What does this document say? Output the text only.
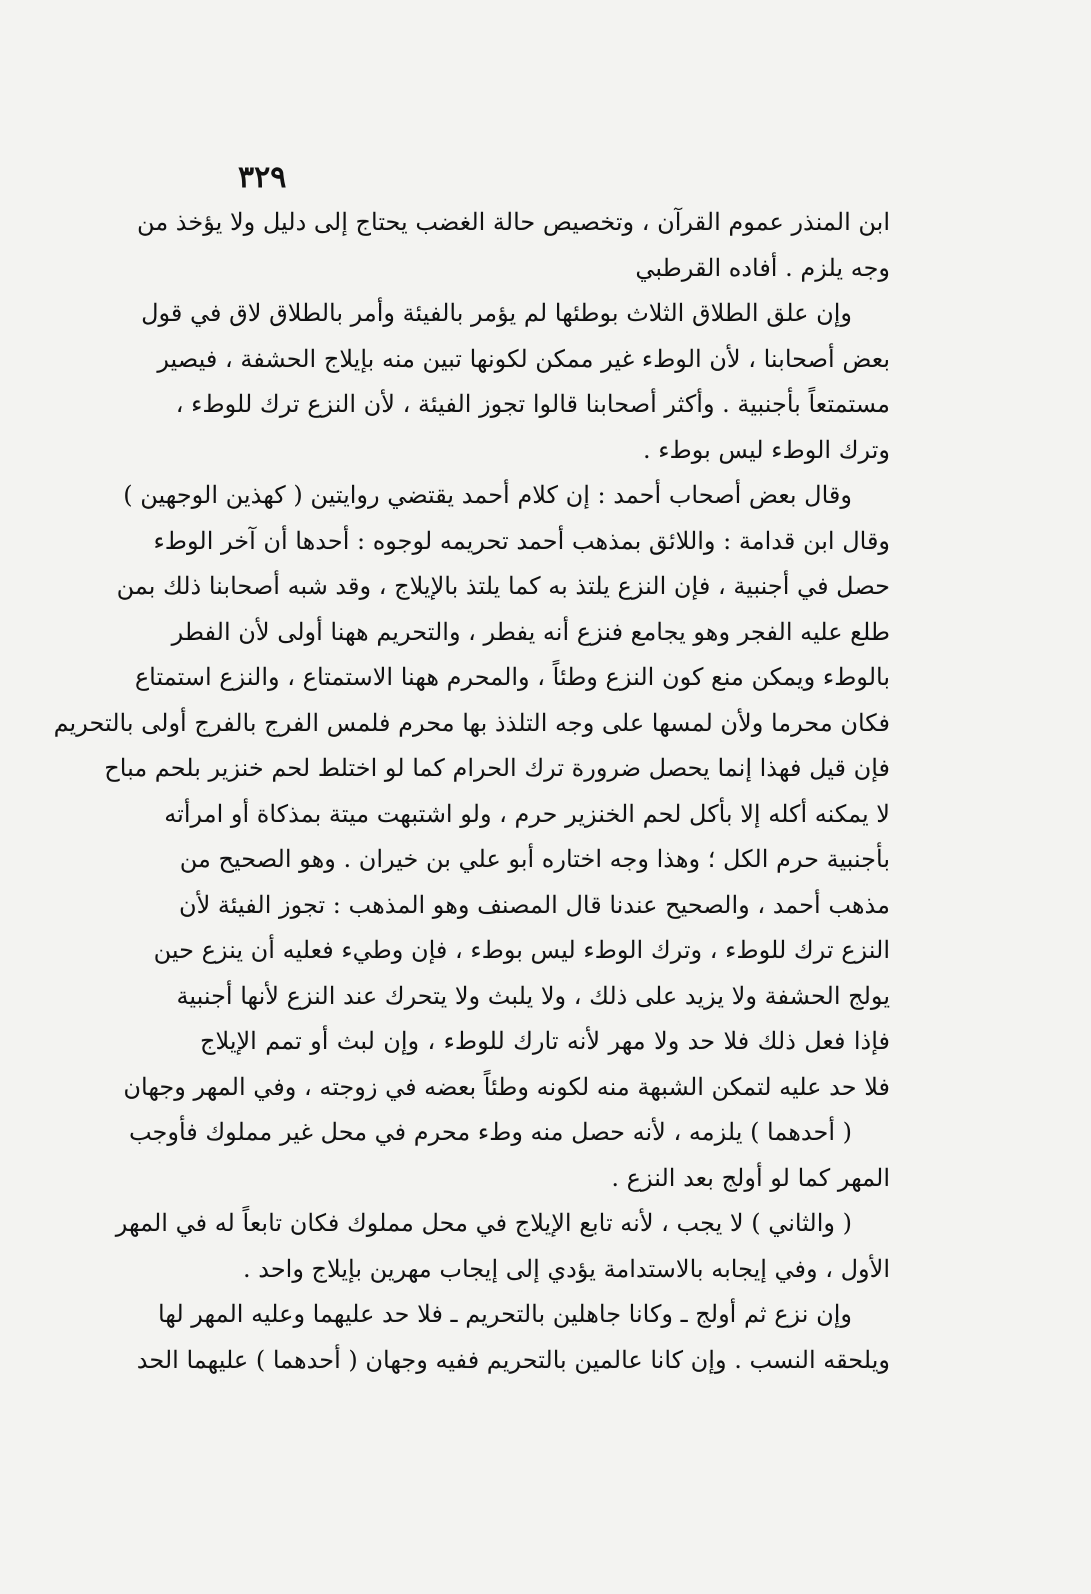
٣٢٩
ابن المنذر عموم القرآن ، وتخصيص حالة الغضب يحتاج إلى دليل ولا يؤخذ من
وجه يلزم . أفاده القرطبي
وإن علق الطلاق الثلاث بوطئها لم يؤمر بالفيئة وأمر بالطلاق لاق في قول
بعض أصحابنا ، لأن الوطء غير ممكن لكونها تبين منه بإيلاج الحشفة ، فيصير
مستمتعاً بأجنبية . وأكثر أصحابنا قالوا تجوز الفيئة ، لأن النزع ترك للوطء ،
وترك الوطء ليس بوطء .
وقال بعض أصحاب أحمد : إن كلام أحمد يقتضي روايتين ( كهذين الوجهين )
وقال ابن قدامة : واللائق بمذهب أحمد تحريمه لوجوه : أحدها أن آخر الوطء
حصل في أجنبية ، فإن النزع يلتذ به كما يلتذ بالإيلاج ، وقد شبه أصحابنا ذلك بمن
طلع عليه الفجر وهو يجامع فنزع أنه يفطر ، والتحريم ههنا أولى لأن الفطر
بالوطء ويمكن منع كون النزع وطئاً ، والمحرم ههنا الاستمتاع ، والنزع استمتاع
فكان محرما ولأن لمسها على وجه التلذذ بها محرم فلمس الفرج بالفرج أولى بالتحريم
فإن قيل فهذا إنما يحصل ضرورة ترك الحرام كما لو اختلط لحم خنزير بلحم مباح
لا يمكنه أكله إلا بأكل لحم الخنزير حرم ، ولو اشتبهت ميتة بمذكاة أو امرأته
بأجنبية حرم الكل ؛ وهذا وجه اختاره أبو علي بن خيران . وهو الصحيح من
مذهب أحمد ، والصحيح عندنا قال المصنف وهو المذهب : تجوز الفيئة لأن
النزع ترك للوطء ، وترك الوطء ليس بوطء ، فإن وطيء فعليه أن ينزع حين
يولج الحشفة ولا يزيد على ذلك ، ولا يلبث ولا يتحرك عند النزع لأنها أجنبية
فإذا فعل ذلك فلا حد ولا مهر لأنه تارك للوطء ، وإن لبث أو تمم الإيلاج
فلا حد عليه لتمكن الشبهة منه لكونه وطئاً بعضه في زوجته ، وفي المهر وجهان
( أحدهما ) يلزمه ، لأنه حصل منه وطء محرم في محل غير مملوك فأوجب
المهر كما لو أولج بعد النزع .
( والثاني ) لا يجب ، لأنه تابع الإيلاج في محل مملوك فكان تابعاً له في المهر
الأول ، وفي إيجابه بالاستدامة يؤدي إلى إيجاب مهرين بإيلاج واحد .
وإن نزع ثم أولج ـ وكانا جاهلين بالتحريم ـ فلا حد عليهما وعليه المهر لها
ويلحقه النسب . وإن كانا عالمين بالتحريم ففيه وجهان ( أحدهما ) عليهما الحد
